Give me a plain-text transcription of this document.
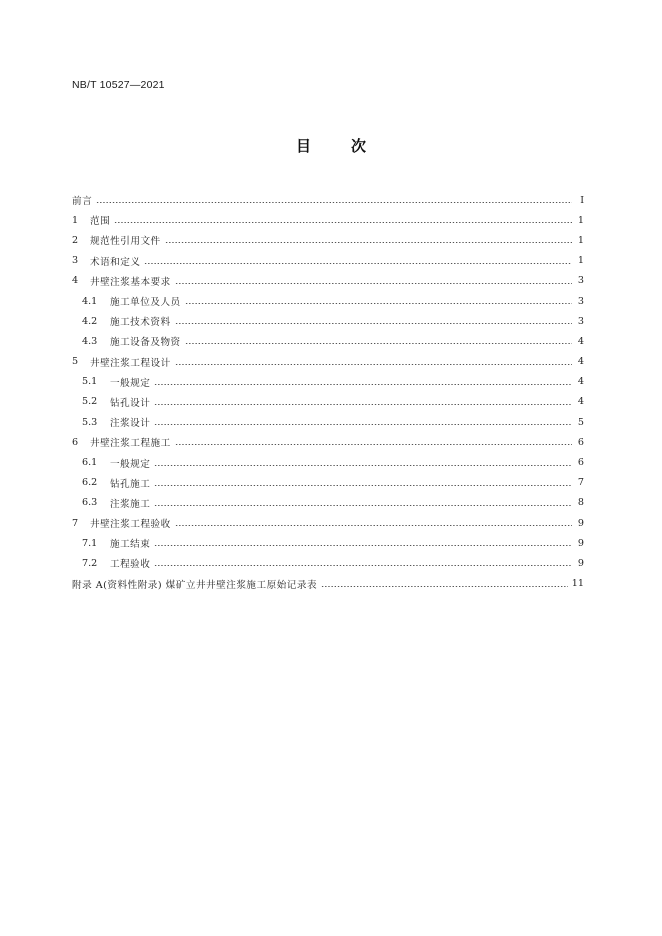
NB/T 10527—2021
目	次
前言	Ⅰ
1	范围	1
2	规范性引用文件	1
3	术语和定义	1
4	井壁注浆基本要求	3
4.1	施工单位及人员	3
4.2	施工技术资料	3
4.3	施工设备及物资	4
5	井壁注浆工程设计	4
5.1	一般规定	4
5.2	钻孔设计	4
5.3	注浆设计	5
6	井壁注浆工程施工	6
6.1	一般规定	6
6.2	钻孔施工	7
6.3	注浆施工	8
7	井壁注浆工程验收	9
7.1	施工结束	9
7.2	工程验收	9
附录 A(资料性附录) 煤矿立井井壁注浆施工原始记录表	11
